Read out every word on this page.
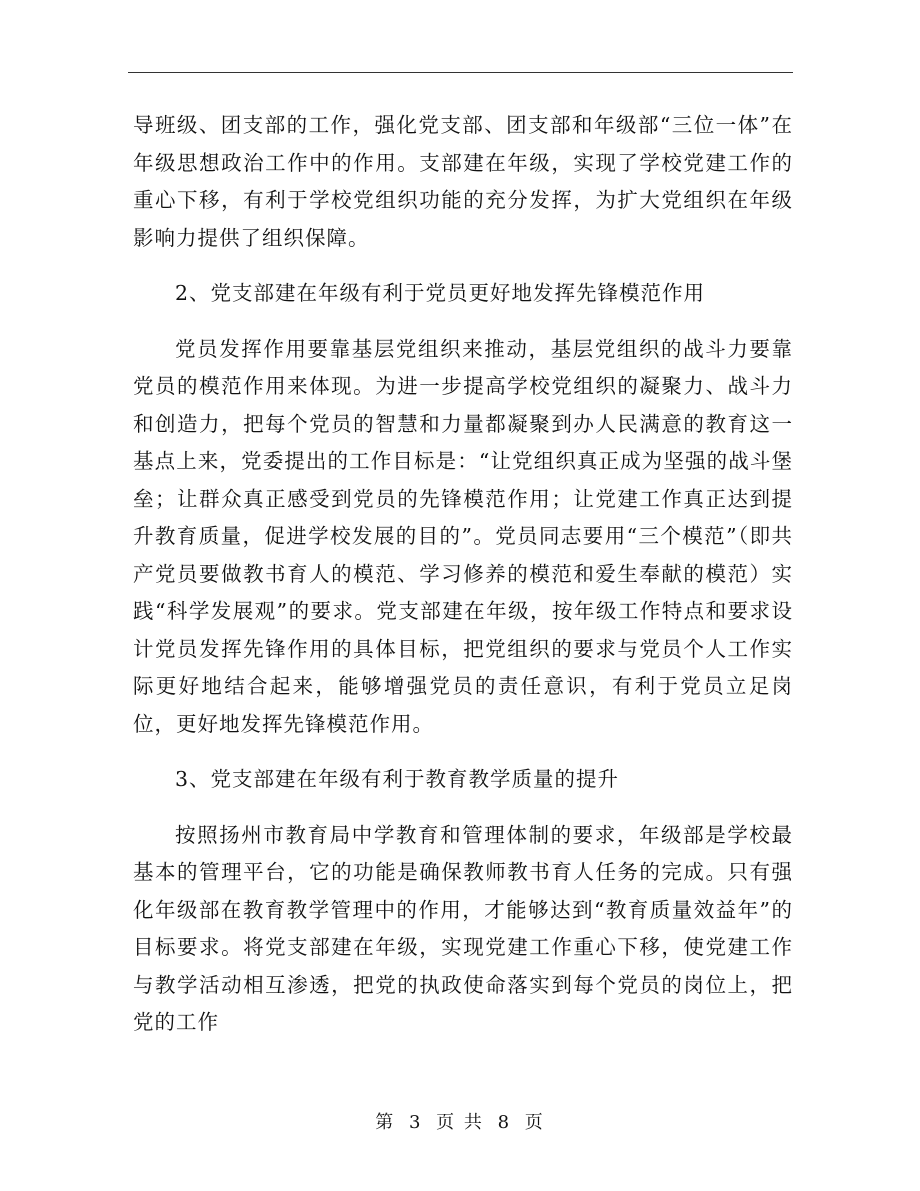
导班级、团支部的工作，强化党支部、团支部和年级部“三位一体”在年级思想政治工作中的作用。支部建在年级，实现了学校党建工作的重心下移，有利于学校党组织功能的充分发挥，为扩大党组织在年级影响力提供了组织保障。

2、党支部建在年级有利于党员更好地发挥先锋模范作用

党员发挥作用要靠基层党组织来推动，基层党组织的战斗力要靠党员的模范作用来体现。为进一步提高学校党组织的凝聚力、战斗力和创造力，把每个党员的智慧和力量都凝聚到办人民满意的教育这一基点上来，党委提出的工作目标是：“让党组织真正成为坚强的战斗堡垒；让群众真正感受到党员的先锋模范作用；让党建工作真正达到提升教育质量，促进学校发展的目的”。党员同志要用“三个模范”（即共产党员要做教书育人的模范、学习修养的模范和爱生奉献的模范）实践“科学发展观”的要求。党支部建在年级，按年级工作特点和要求设计党员发挥先锋作用的具体目标，把党组织的要求与党员个人工作实际更好地结合起来，能够增强党员的责任意识，有利于党员立足岗位，更好地发挥先锋模范作用。

3、党支部建在年级有利于教育教学质量的提升

按照扬州市教育局中学教育和管理体制的要求，年级部是学校最基本的管理平台，它的功能是确保教师教书育人任务的完成。只有强化年级部在教育教学管理中的作用，才能够达到“教育质量效益年”的目标要求。将党支部建在年级，实现党建工作重心下移，使党建工作与教学活动相互渗透，把党的执政使命落实到每个党员的岗位上，把党的工作

第 3 页 共 8 页
